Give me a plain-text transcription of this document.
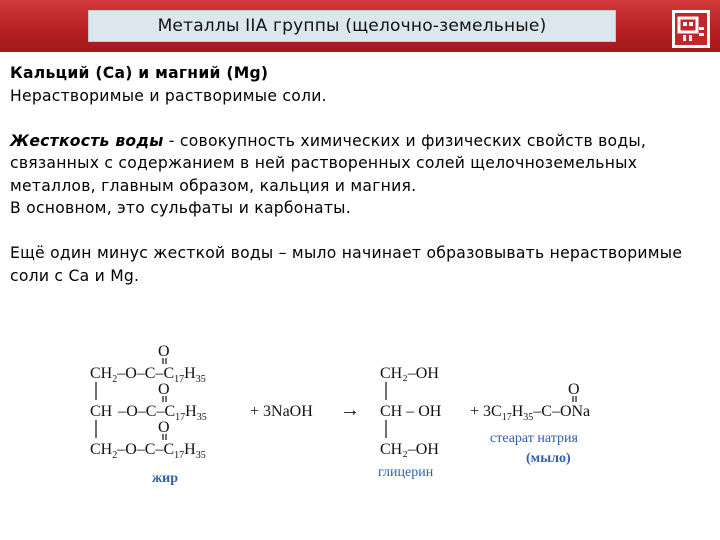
Металлы IIA группы (щелочно-земельные)

Кальций (Ca) и магний (Mg)

Нерастворимые и растворимые соли.

Жесткость воды - совокупность химических и физических свойств воды, связанных с содержанием в ней растворенных солей щелочноземельных металлов, главным образом, кальция и магния.

В основном, это сульфаты и карбонаты.

Ещё один минус жесткой воды – мыло начинает образовывать нерастворимые соли с Ca и Mg.

O
O
O
$CH_2-O-C-C_{17}H_{35}$
CH $-O-C-C_{17}H_{35}$
$CH_2-O-C-C_{17}H_{35}$
+ 3NaOH →
CH₂–OH
CH – OH
CH₂–OH
O
+ $3C_{17}H_{35}-C$–ONa
жир	глицерин
стеарат натрия
(мыло)
